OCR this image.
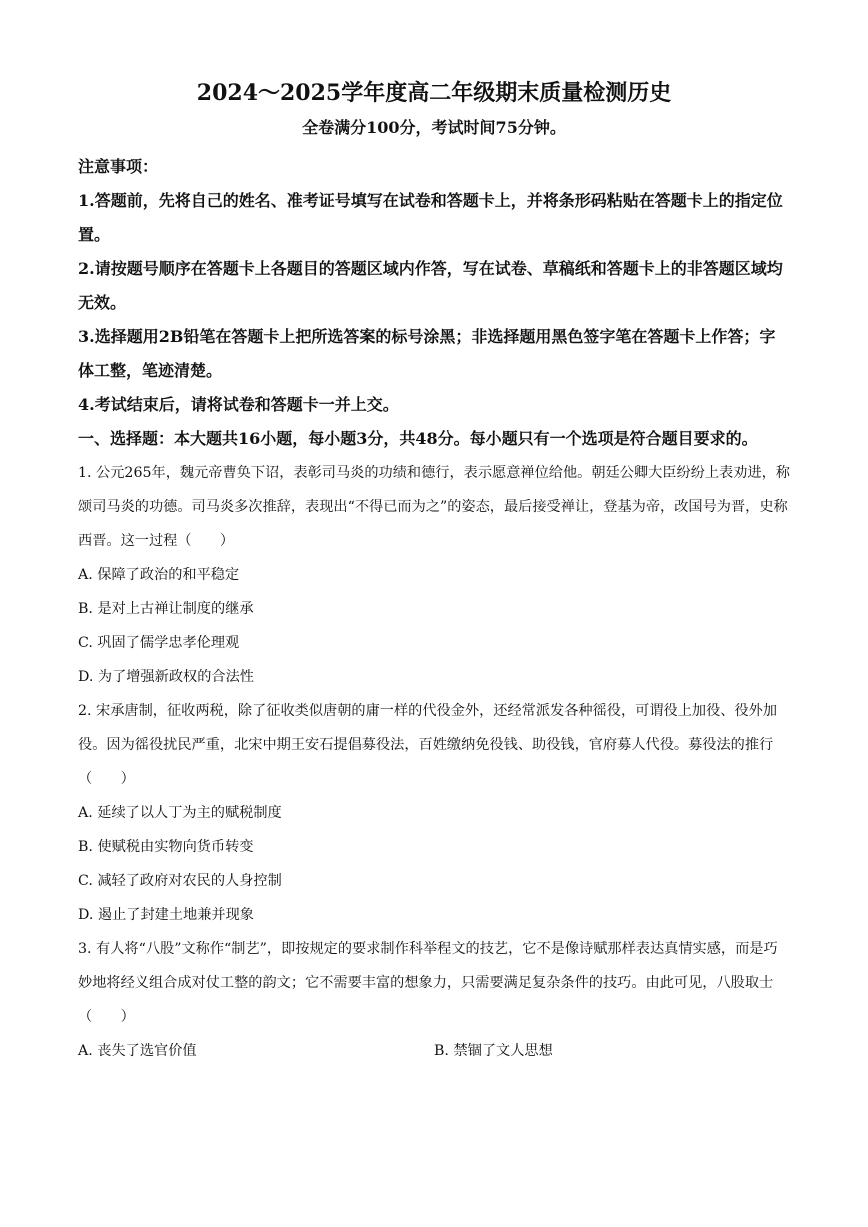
2024～2025学年度高二年级期末质量检测历史
全卷满分100分，考试时间75分钟。
注意事项：
1.答题前，先将自己的姓名、准考证号填写在试卷和答题卡上，并将条形码粘贴在答题卡上的指定位置。
2.请按题号顺序在答题卡上各题目的答题区域内作答，写在试卷、草稿纸和答题卡上的非答题区域均无效。
3.选择题用2B铅笔在答题卡上把所选答案的标号涂黑；非选择题用黑色签字笔在答题卡上作答；字体工整，笔迹清楚。
4.考试结束后，请将试卷和答题卡一并上交。
一、选择题：本大题共16小题，每小题3分，共48分。每小题只有一个选项是符合题目要求的。
1. 公元265年，魏元帝曹奂下诏，表彰司马炎的功绩和德行，表示愿意禅位给他。朝廷公卿大臣纷纷上表劝进，称颂司马炎的功德。司马炎多次推辞，表现出“不得已而为之”的姿态，最后接受禅让，登基为帝，改国号为晋，史称西晋。这一过程（　　）
A. 保障了政治的和平稳定
B. 是对上古禅让制度的继承
C. 巩固了儒学忠孝伦理观
D. 为了增强新政权的合法性
2. 宋承唐制，征收两税，除了征收类似唐朝的庸一样的代役金外，还经常派发各种徭役，可谓役上加役、役外加役。因为徭役扰民严重，北宋中期王安石提倡募役法，百姓缴纳免役钱、助役钱，官府募人代役。募役法的推行（　　）
A. 延续了以人丁为主的赋税制度
B. 使赋税由实物向货币转变
C. 减轻了政府对农民的人身控制
D. 遏止了封建土地兼并现象
3. 有人将“八股”文称作“制艺”，即按规定的要求制作科举程文的技艺，它不是像诗赋那样表达真情实感，而是巧妙地将经义组合成对仗工整的韵文；它不需要丰富的想象力，只需要满足复杂条件的技巧。由此可见，八股取士（　　）
A. 丧失了选官价值	B. 禁锢了文人思想
